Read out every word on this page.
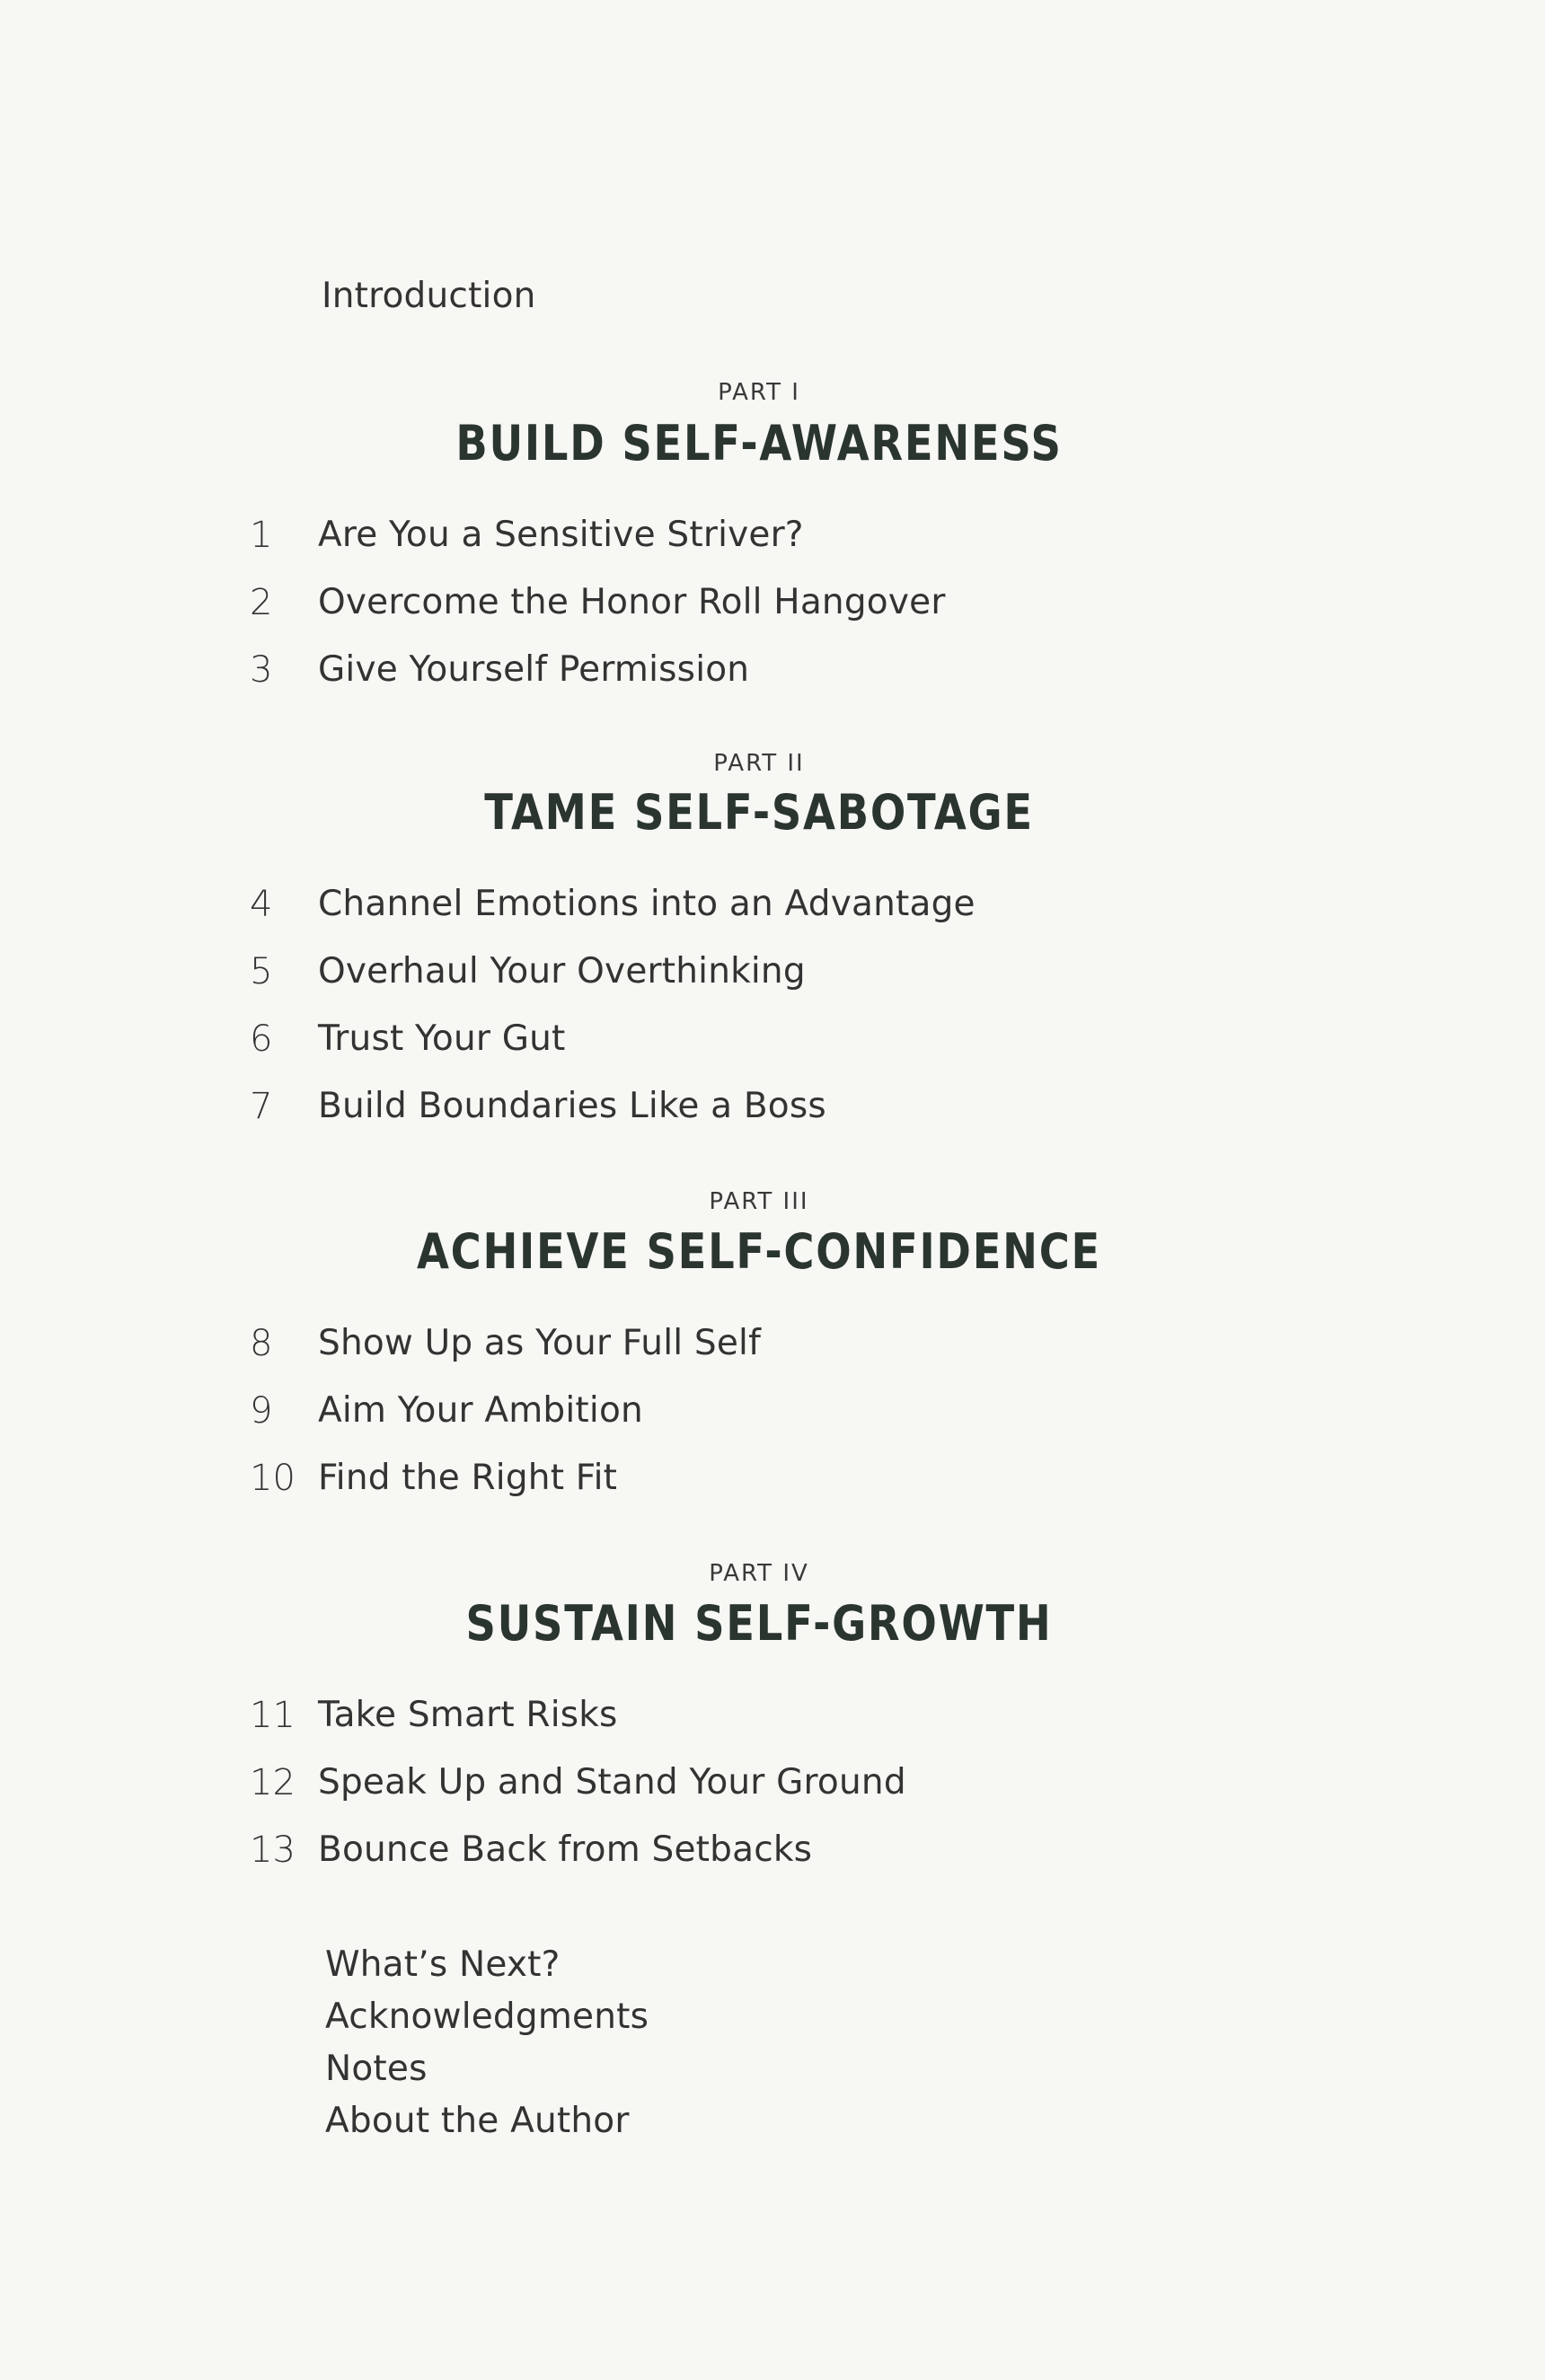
Introduction
PART I
BUILD SELF-AWARENESS
1	Are You a Sensitive Striver?
2	Overcome the Honor Roll Hangover
3	Give Yourself Permission
PART II
TAME SELF-SABOTAGE
4	Channel Emotions into an Advantage
5	Overhaul Your Overthinking
6	Trust Your Gut
7	Build Boundaries Like a Boss
PART III
ACHIEVE SELF-CONFIDENCE
8	Show Up as Your Full Self
9	Aim Your Ambition
10 Find the Right Fit
PART IV
SUSTAIN SELF-GROWTH
11 Take Smart Risks
12 Speak Up and Stand Your Ground
13 Bounce Back from Setbacks
What’s Next?
Acknowledgments
Notes
About the Author
